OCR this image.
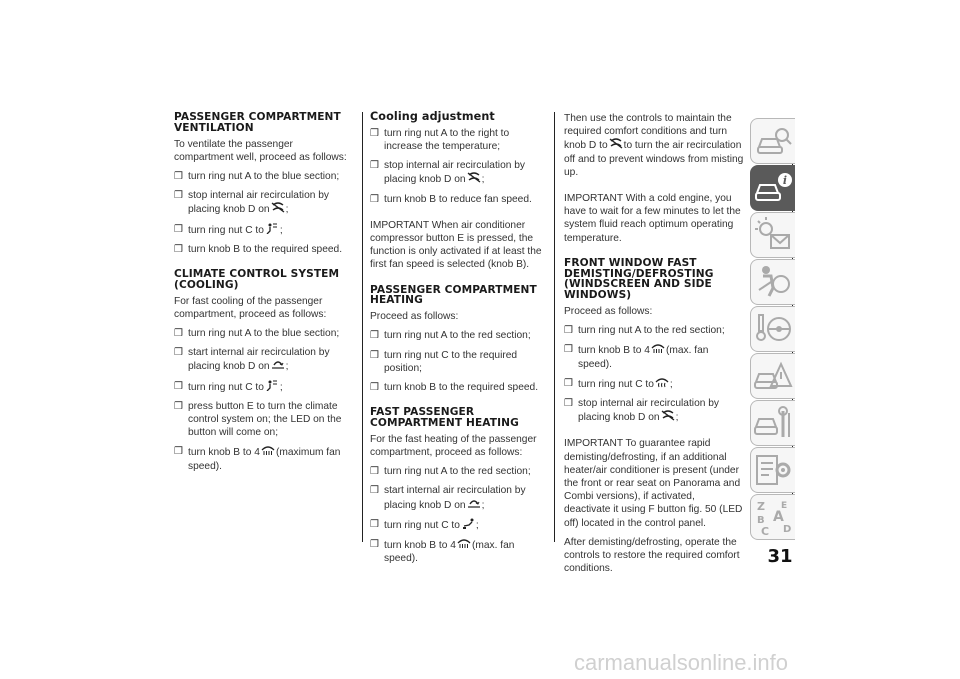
PASSENGER COMPARTMENT VENTILATION
To ventilate the passenger compartment well, proceed as follows:
❒ turn ring nut A to the blue section;
❒ stop internal air recirculation by placing knob D on ;
❒ turn ring nut C to ;
❒ turn knob B to the required speed.
CLIMATE CONTROL SYSTEM (COOLING)
For fast cooling of the passenger compartment, proceed as follows:
❒ turn ring nut A to the blue section;
❒ start internal air recirculation by placing knob D on ;
❒ turn ring nut C to ;
❒ press button E to turn the climate control system on; the LED on the button will come on;
❒ turn knob B to 4 (maximum fan speed).
Cooling adjustment
❒ turn ring nut A to the right to increase the temperature;
❒ stop internal air recirculation by placing knob D on ;
❒ turn knob B to reduce fan speed.
IMPORTANT When air conditioner compressor button E is pressed, the function is only activated if at least the first fan speed is selected (knob B).
PASSENGER COMPARTMENT HEATING
Proceed as follows:
❒ turn ring nut A to the red section;
❒ turn ring nut C to the required position;
❒ turn knob B to the required speed.
FAST PASSENGER COMPARTMENT HEATING
For the fast heating of the passenger compartment, proceed as follows:
❒ turn ring nut A to the red section;
❒ start internal air recirculation by placing knob D on ;
❒ turn ring nut C to ;
❒ turn knob B to 4 (max. fan speed).
Then use the controls to maintain the required comfort conditions and turn knob D to to turn the air recirculation off and to prevent windows from misting up.
IMPORTANT With a cold engine, you have to wait for a few minutes to let the system fluid reach optimum operating temperature.
FRONT WINDOW FAST DEMISTING/DEFROSTING (WINDSCREEN AND SIDE WINDOWS)
Proceed as follows:
❒ turn ring nut A to the red section;
❒ turn knob B to 4 (max. fan speed).
❒ turn ring nut C to ;
❒ stop internal air recirculation by placing knob D on ;
IMPORTANT To guarantee rapid demisting/defrosting, if an additional heater/air conditioner is present (under the front or rear seat on Panorama and Combi versions), if activated, deactivate it using F button fig. 50 (LED off) located in the control panel.
After demisting/defrosting, operate the controls to restore the required comfort conditions.
i
Z E
A
B
C D
31
carmanualsonline.info
